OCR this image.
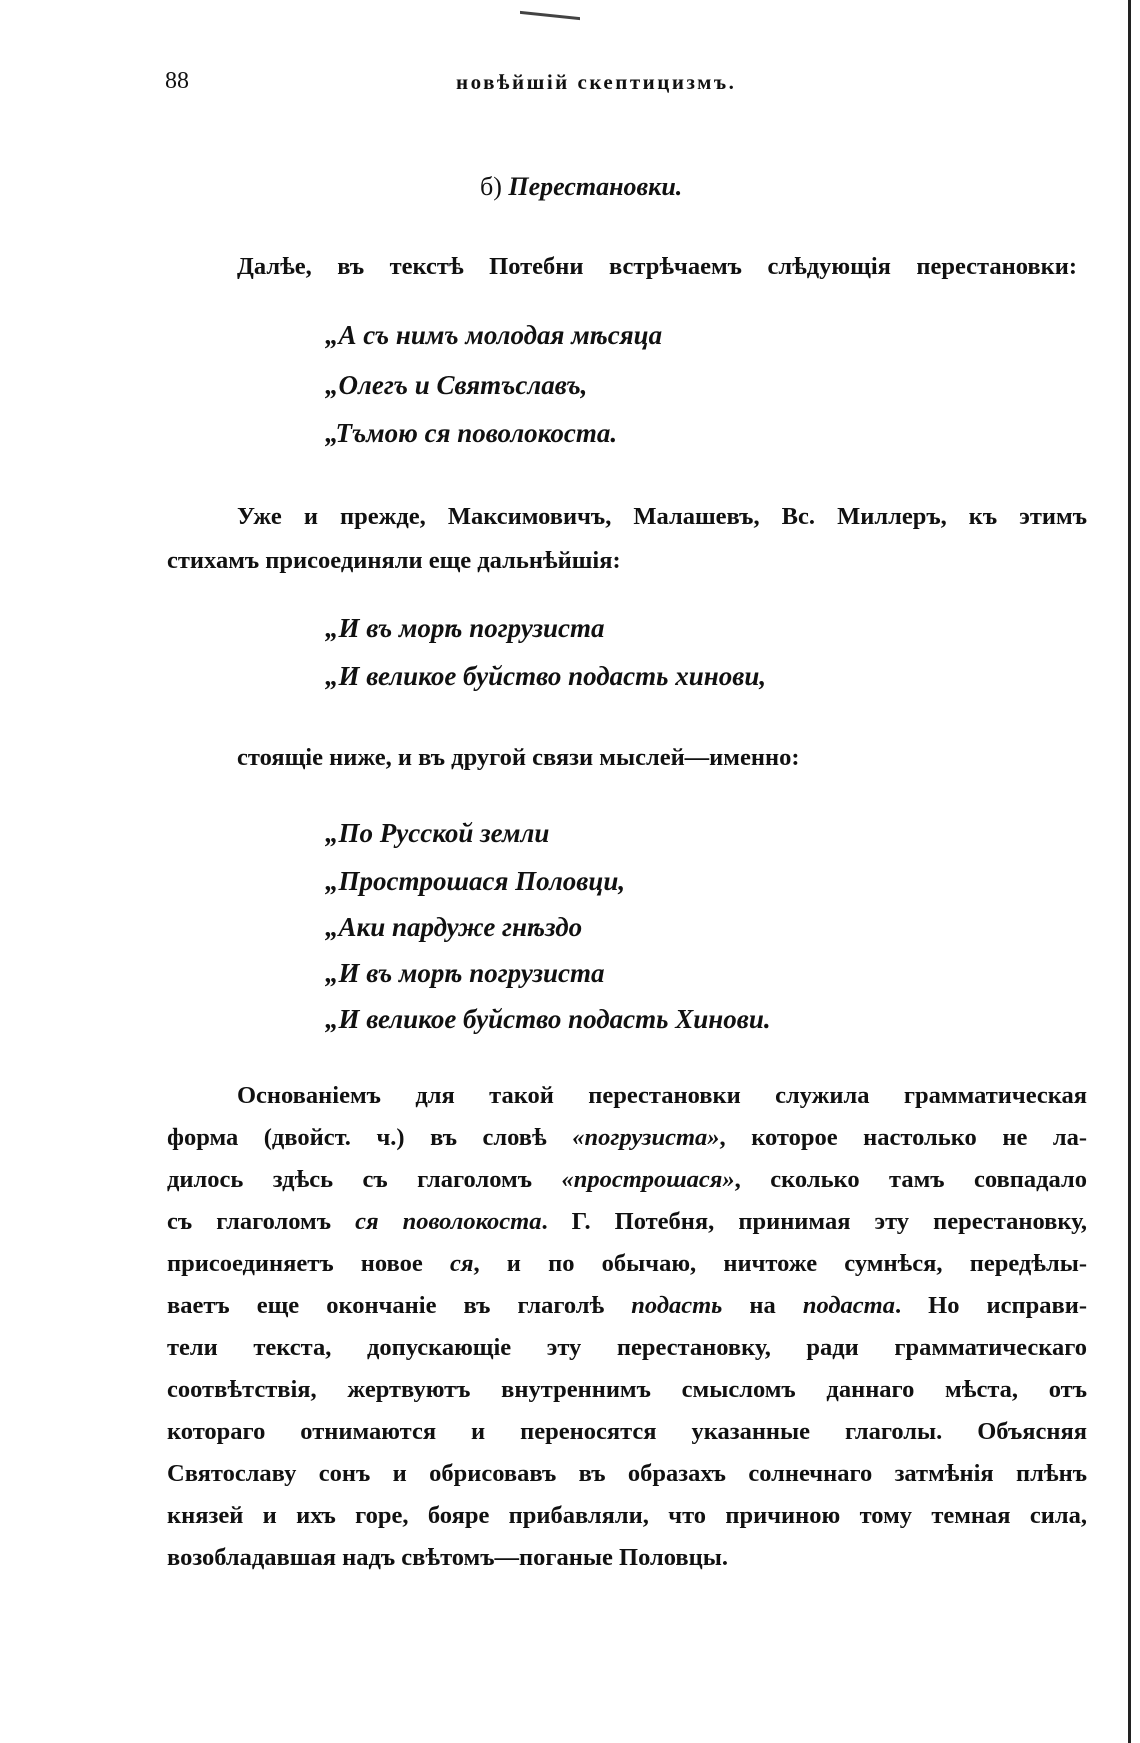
88	новѣйшій скептицизмъ.
б) Перестановки.
Далѣе, въ текстѣ Потебни встрѣчаемъ слѣдующія перестановки:
„А съ нимъ молодая мѣсяца
„Олегъ и Святъславъ,
„Тъмою ся поволокоста.
Уже и прежде, Максимовичъ, Малашевъ, Вс. Миллеръ, къ этимъ
стихамъ присоединяли еще дальнѣйшія:
„И въ морѣ погрузиста
„И великое буйство подасть хинови,
стоящіе ниже, и въ другой связи мыслей—именно:
„По Русской земли
„Прострошася Половци,
„Аки пардуже гнѣздо
„И въ морѣ погрузиста
„И великое буйство подасть Хинови.
Основаніемъ для такой перестановки служила грамматическая
форма (двойст. ч.) въ словѣ «погрузиста», которое настолько не ла-
дилось здѣсь съ глаголомъ «прострошася», сколько тамъ совпадало
съ глаголомъ ся поволокоста. Г. Потебня, принимая эту перестановку,
присоединяетъ новое ся, и по обычаю, ничтоже сумнѣся, передѣлы-
ваетъ еще окончаніе въ глаголѣ подасть на подаста. Но исправи-
тели текста, допускающіе эту перестановку, ради грамматическаго
соотвѣтствія, жертвуютъ внутреннимъ смысломъ даннаго мѣста, отъ
котораго отнимаются и переносятся указанные глаголы. Объясняя
Святославу сонъ и обрисовавъ въ образахъ солнечнаго затмѣнія плѣнъ
князей и ихъ горе, бояре прибавляли, что причиною тому темная сила,
возобладавшая надъ свѣтомъ—поганые Половцы.
